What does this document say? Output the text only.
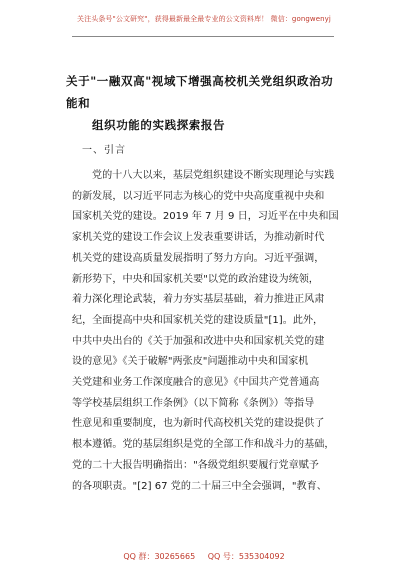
关注头条号"公文研究"，获得最新最全最专业的公文资料库！ 微信：gongwenyj
关于"一融双高"视域下增强高校机关党组织政治功能和
组织功能的实践探索报告
一、引言
党的十八大以来，基层党组织建设不断实现理论与实践
的新发展，以习近平同志为核心的党中央高度重视中央和
国家机关党的建设。2019 年 7 月 9 日，习近平在中央和国
家机关党的建设工作会议上发表重要讲话，为推动新时代
机关党的建设高质量发展指明了努力方向。习近平强调，
新形势下，中央和国家机关要"以党的政治建设为统领，
着力深化理论武装，着力夯实基层基础，着力推进正风肃
纪，全面提高中央和国家机关党的建设质量"[1]。此外，
中共中央出台的《关于加强和改进中央和国家机关党的建
设的意见》《关于破解"两张皮"问题推动中央和国家机
关党建和业务工作深度融合的意见》《中国共产党普通高
等学校基层组织工作条例》（以下简称《条例》）等指导
性意见和重要制度，也为新时代高校机关党的建设提供了
根本遵循。党的基层组织是党的全部工作和战斗力的基础，
党的二十大报告明确指出："各级党组织要履行党章赋予
的各项职责。"[2] 67 党的二十届三中全会强调，"教育、
QQ 群：30265665 QQ 号：535304092
